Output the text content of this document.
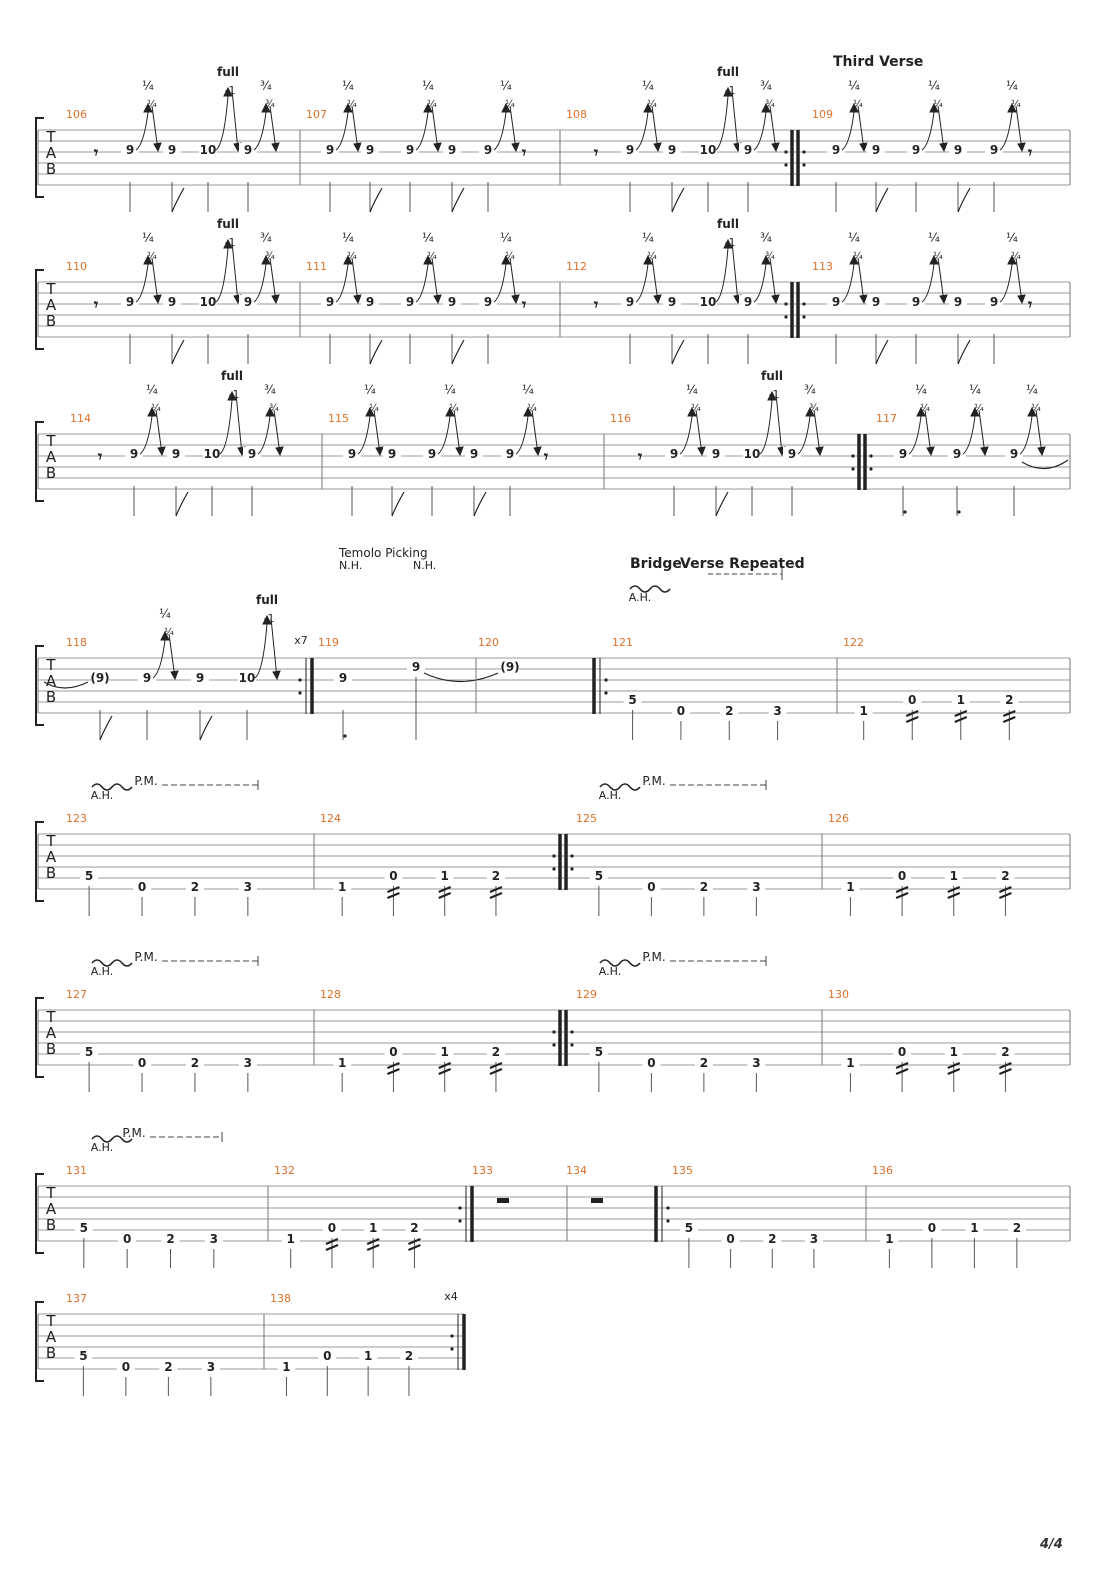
T
A
B
106
𝄾 9
¼
¼
9 10
full
-1
9
¾
¾
107
9
¼
¼
9	9
¼
¼
9 9
¼
¼
𝄾
108
𝄾 9
¼
¼
9 10
full
-1
9
¾
¾
109
9
¼
¼
9	9
¼
¼
9 9
¼
¼
𝄾
T
A
B
110
𝄾 9
¼
¼
9 10
full
-1
9
¾
¾
111
9
¼
¼
9	9
¼
¼
9 9
¼
¼
𝄾
112
𝄾 9
¼
¼
9 10
full
-1
9
¾
¾
113
9
¼
¼
9	9
¼
¼
9 9
¼
¼
𝄾
T
A
B
114
𝄾 9
¼
¼
9 10
full
-1
9
¾
¾
115
9
¼
¼
9	9
¼
¼
9 9
¼
¼
𝄾
116
𝄾 9
¼
¼
9 10
full
-1
9
¾
¾
117
9
¼
¼
9
¼
¼
9
¼
¼
T
A
B
118
(9)	9
¼
¼
9	10
full
-1
x7 119
Temolo Picking
N.H.	N.H.
9
9
120
(9)
A.H.
121
5
0	2	3
122
1
0	1	2
T
A
B
A.H.
P.M.
123
5
0	2	3
124
1
0	1	2
A.H.
P.M.
125
5
0	2	3
126
1
0	1	2
T
A
B
A.H.
P.M.
127
5
0	2	3
128
1
0	1	2
A.H.
P.M.
129
5
0	2	3
130
1
0	1	2
T
A
B
A.H.
P.M.
131
5
0	2	3
132
1
0	1	2
133	134	135
5
0	2	3
136
1
0	1	2
T
A
B
137
5
0	2	3
138
1
0	1	2
x4
Third Verse
Bridge
Verse Repeated
4/4
